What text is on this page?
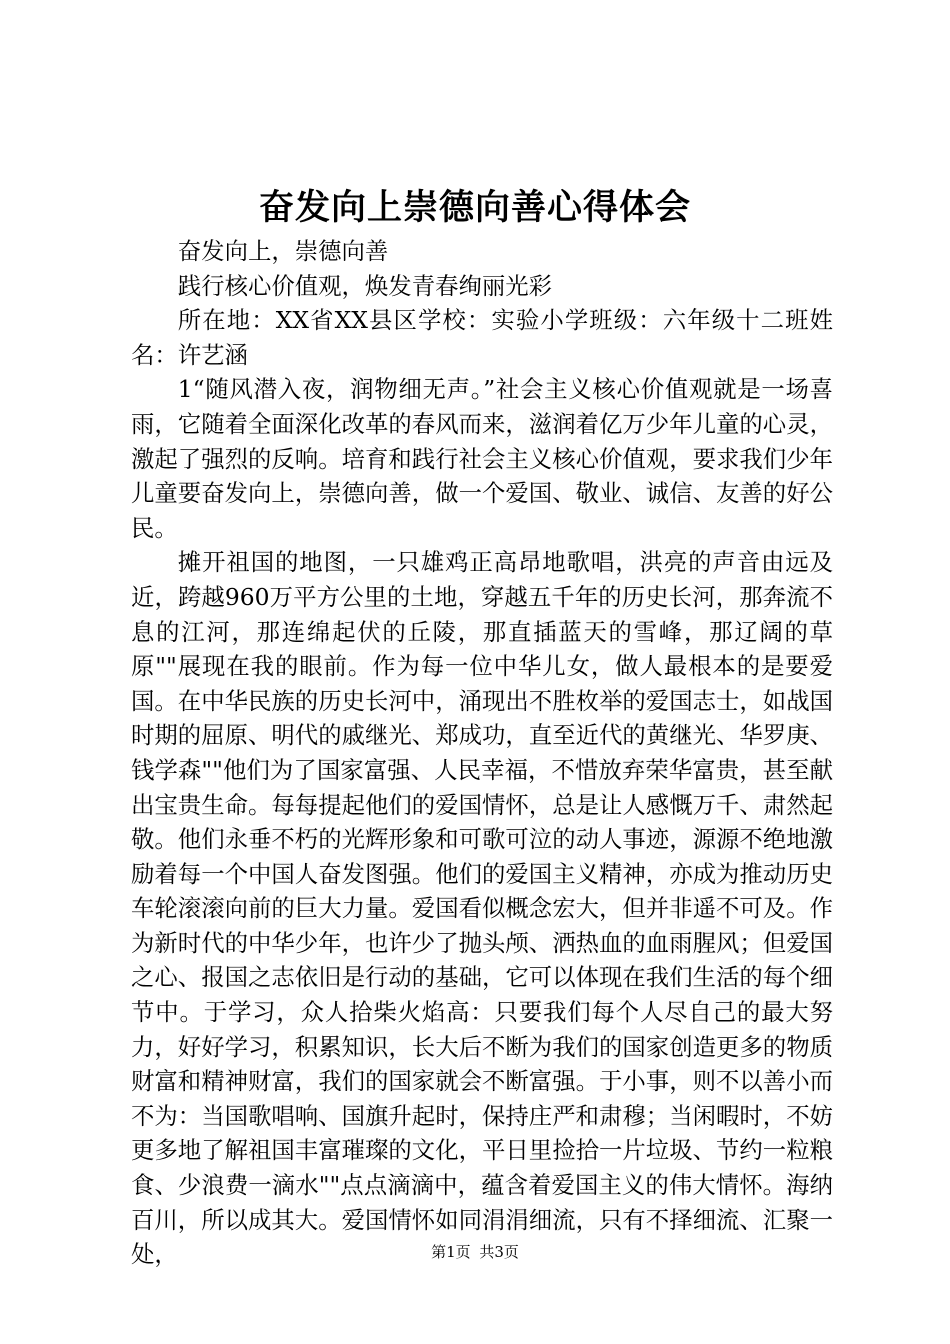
奋发向上崇德向善心得体会

奋发向上，崇德向善

践行核心价值观，焕发青春绚丽光彩

所在地：XX省XX县区学校：实验小学班级：六年级十二班姓名：许艺涵

1“随风潜入夜，润物细无声。”社会主义核心价值观就是一场喜雨，它随着全面深化改革的春风而来，滋润着亿万少年儿童的心灵，激起了强烈的反响。培育和践行社会主义核心价值观，要求我们少年儿童要奋发向上，崇德向善，做一个爱国、敬业、诚信、友善的好公民。

摊开祖国的地图，一只雄鸡正高昂地歌唱，洪亮的声音由远及近，跨越960万平方公里的土地，穿越五千年的历史长河，那奔流不息的江河，那连绵起伏的丘陵，那直插蓝天的雪峰，那辽阔的草原""展现在我的眼前。作为每一位中华儿女，做人最根本的是要爱国。在中华民族的历史长河中，涌现出不胜枚举的爱国志士，如战国时期的屈原、明代的戚继光、郑成功，直至近代的黄继光、华罗庚、钱学森""他们为了国家富强、人民幸福，不惜放弃荣华富贵，甚至献出宝贵生命。每每提起他们的爱国情怀，总是让人感慨万千、肃然起敬。他们永垂不朽的光辉形象和可歌可泣的动人事迹，源源不绝地激励着每一个中国人奋发图强。他们的爱国主义精神，亦成为推动历史车轮滚滚向前的巨大力量。爱国看似概念宏大，但并非遥不可及。作为新时代的中华少年，也许少了抛头颅、洒热血的血雨腥风；但爱国之心、报国之志依旧是行动的基础，它可以体现在我们生活的每个细节中。于学习，众人拾柴火焰高：只要我们每个人尽自己的最大努力，好好学习，积累知识，长大后不断为我们的国家创造更多的物质财富和精神财富，我们的国家就会不断富强。于小事，则不以善小而不为：当国歌唱响、国旗升起时，保持庄严和肃穆；当闲暇时，不妨更多地了解祖国丰富璀璨的文化，平日里捡拾一片垃圾、节约一粒粮食、少浪费一滴水""点点滴滴中，蕴含着爱国主义的伟大情怀。海纳百川，所以成其大。爱国情怀如同涓涓细流，只有不择细流、汇聚一处，	第1页 共3页
